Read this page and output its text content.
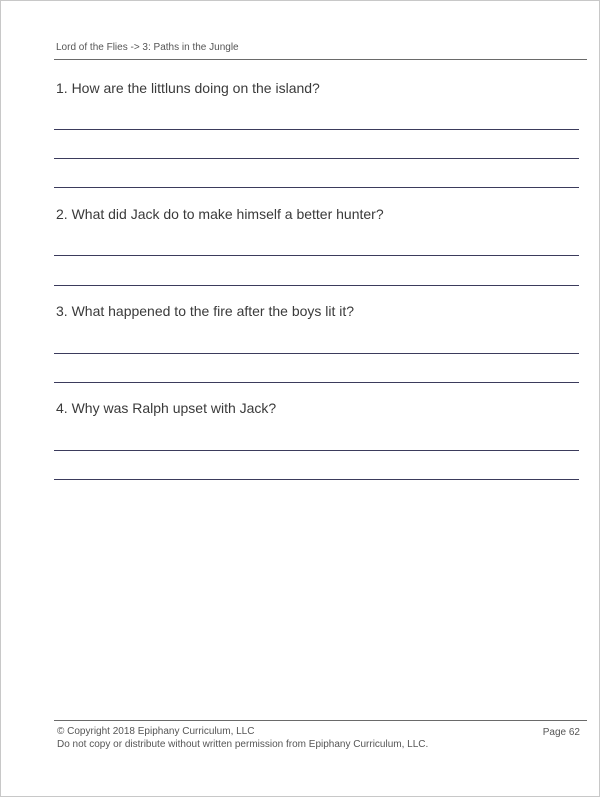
Lord of the Flies -> 3: Paths in the Jungle
1. How are the littluns doing on the island?
2. What did Jack do to make himself a better hunter?
3. What happened to the fire after the boys lit it?
4. Why was Ralph upset with Jack?
© Copyright 2018 Epiphany Curriculum, LLC
Do not copy or distribute without written permission from Epiphany Curriculum, LLC.
Page 62
